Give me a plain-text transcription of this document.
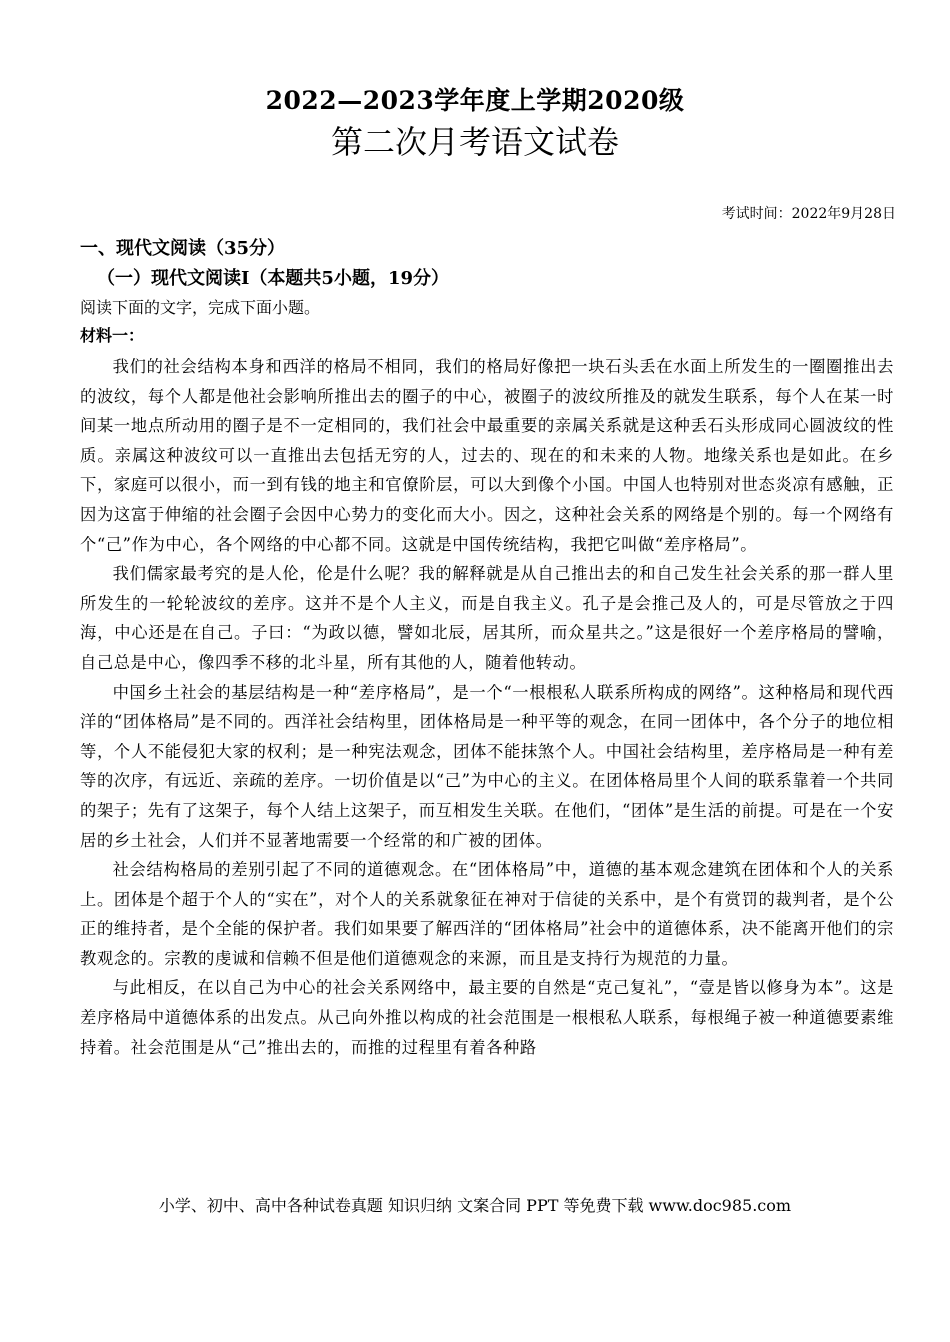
2022—2023学年度上学期2020级
第二次月考语文试卷
考试时间：2022年9月28日
一、现代文阅读（35分）
（一）现代文阅读I（本题共5小题，19分）
阅读下面的文字，完成下面小题。
材料一：

我们的社会结构本身和西洋的格局不相同，我们的格局好像把一块石头丢在水面上所发生的一圈圈推出去的波纹，每个人都是他社会影响所推出去的圈子的中心，被圈子的波纹所推及的就发生联系，每个人在某一时间某一地点所动用的圈子是不一定相同的，我们社会中最重要的亲属关系就是这种丢石头形成同心圆波纹的性质。亲属这种波纹可以一直推出去包括无穷的人，过去的、现在的和未来的人物。地缘关系也是如此。在乡下，家庭可以很小，而一到有钱的地主和官僚阶层，可以大到像个小国。中国人也特别对世态炎凉有感触，正因为这富于伸缩的社会圈子会因中心势力的变化而大小。因之，这种社会关系的网络是个别的。每一个网络有个“己”作为中心，各个网络的中心都不同。这就是中国传统结构，我把它叫做“差序格局”。

我们儒家最考究的是人伦，伦是什么呢？我的解释就是从自己推出去的和自己发生社会关系的那一群人里所发生的一轮轮波纹的差序。这并不是个人主义，而是自我主义。孔子是会推己及人的，可是尽管放之于四海，中心还是在自己。子曰：“为政以德，譬如北辰，居其所，而众星共之。”这是很好一个差序格局的譬喻，自己总是中心，像四季不移的北斗星，所有其他的人，随着他转动。

中国乡土社会的基层结构是一种“差序格局”，是一个“一根根私人联系所构成的网络”。这种格局和现代西洋的“团体格局”是不同的。西洋社会结构里，团体格局是一种平等的观念，在同一团体中，各个分子的地位相等，个人不能侵犯大家的权利；是一种宪法观念，团体不能抹煞个人。中国社会结构里，差序格局是一种有差等的次序，有远近、亲疏的差序。一切价值是以“己”为中心的主义。在团体格局里个人间的联系靠着一个共同的架子；先有了这架子，每个人结上这架子，而互相发生关联。在他们，“团体”是生活的前提。可是在一个安居的乡土社会，人们并不显著地需要一个经常的和广被的团体。

社会结构格局的差别引起了不同的道德观念。在“团体格局”中，道德的基本观念建筑在团体和个人的关系上。团体是个超于个人的“实在”，对个人的关系就象征在神对于信徒的关系中，是个有赏罚的裁判者，是个公正的维持者，是个全能的保护者。我们如果要了解西洋的“团体格局”社会中的道德体系，决不能离开他们的宗教观念的。宗教的虔诚和信赖不但是他们道德观念的来源，而且是支持行为规范的力量。

与此相反，在以自己为中心的社会关系网络中，最主要的自然是“克己复礼”，“壹是皆以修身为本”。这是差序格局中道德体系的出发点。从己向外推以构成的社会范围是一根根私人联系，每根绳子被一种道德要素维持着。社会范围是从“己”推出去的，而推的过程里有着各种路

小学、初中、高中各种试卷真题 知识归纳 文案合同 PPT 等免费下载 www.doc985.com
